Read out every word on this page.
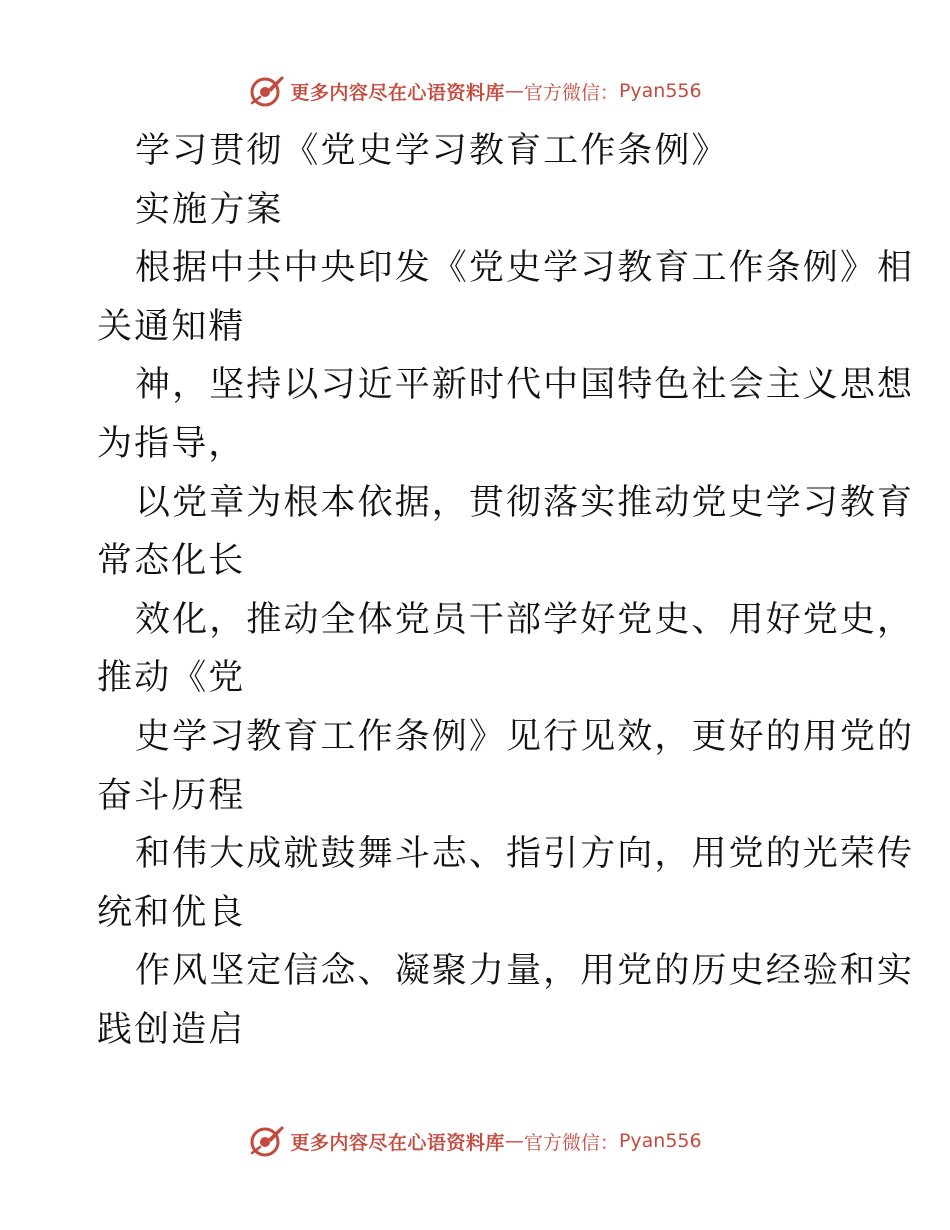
更多内容尽在心语资料库 — 官方微信： Pyan556
学习贯彻《党史学习教育工作条例》
实施方案
根据中共中央印发《党史学习教育工作条例》相
关通知精
神，坚持以习近平新时代中国特色社会主义思想
为指导，
以党章为根本依据，贯彻落实推动党史学习教育
常态化长
效化，推动全体党员干部学好党史、用好党史，
推动《党
史学习教育工作条例》见行见效，更好的用党的
奋斗历程
和伟大成就鼓舞斗志、指引方向，用党的光荣传
统和优良
作风坚定信念、凝聚力量，用党的历史经验和实
践创造启
更多内容尽在心语资料库 — 官方微信： Pyan556
